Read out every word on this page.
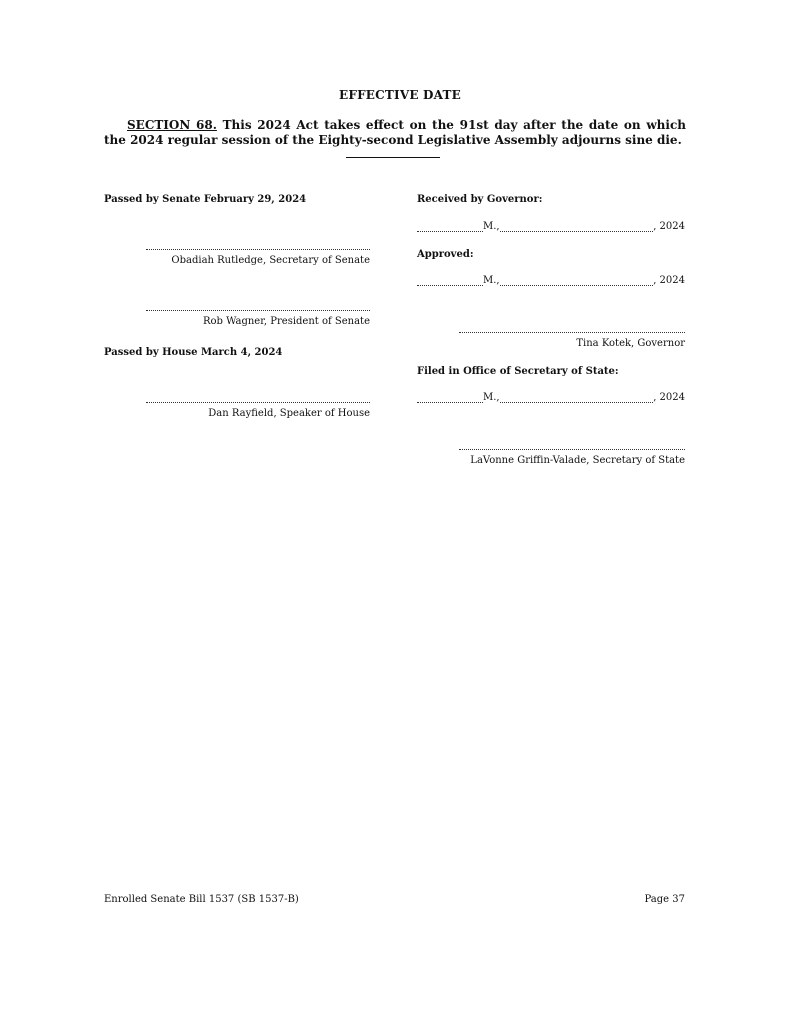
EFFECTIVE DATE
SECTION 68. This 2024 Act takes effect on the 91st day after the date on which the 2024 regular session of the Eighty-second Legislative Assembly adjourns sine die.
Passed by Senate February 29, 2024
Obadiah Rutledge, Secretary of Senate
Rob Wagner, President of Senate
Passed by House March 4, 2024
Dan Rayfield, Speaker of House
Received by Governor:
M.,	, 2024
Approved:
M.,	, 2024
Tina Kotek, Governor
Filed in Office of Secretary of State:
M.,	, 2024
LaVonne Griffin-Valade, Secretary of State
Enrolled Senate Bill 1537 (SB 1537-B)	Page 37
